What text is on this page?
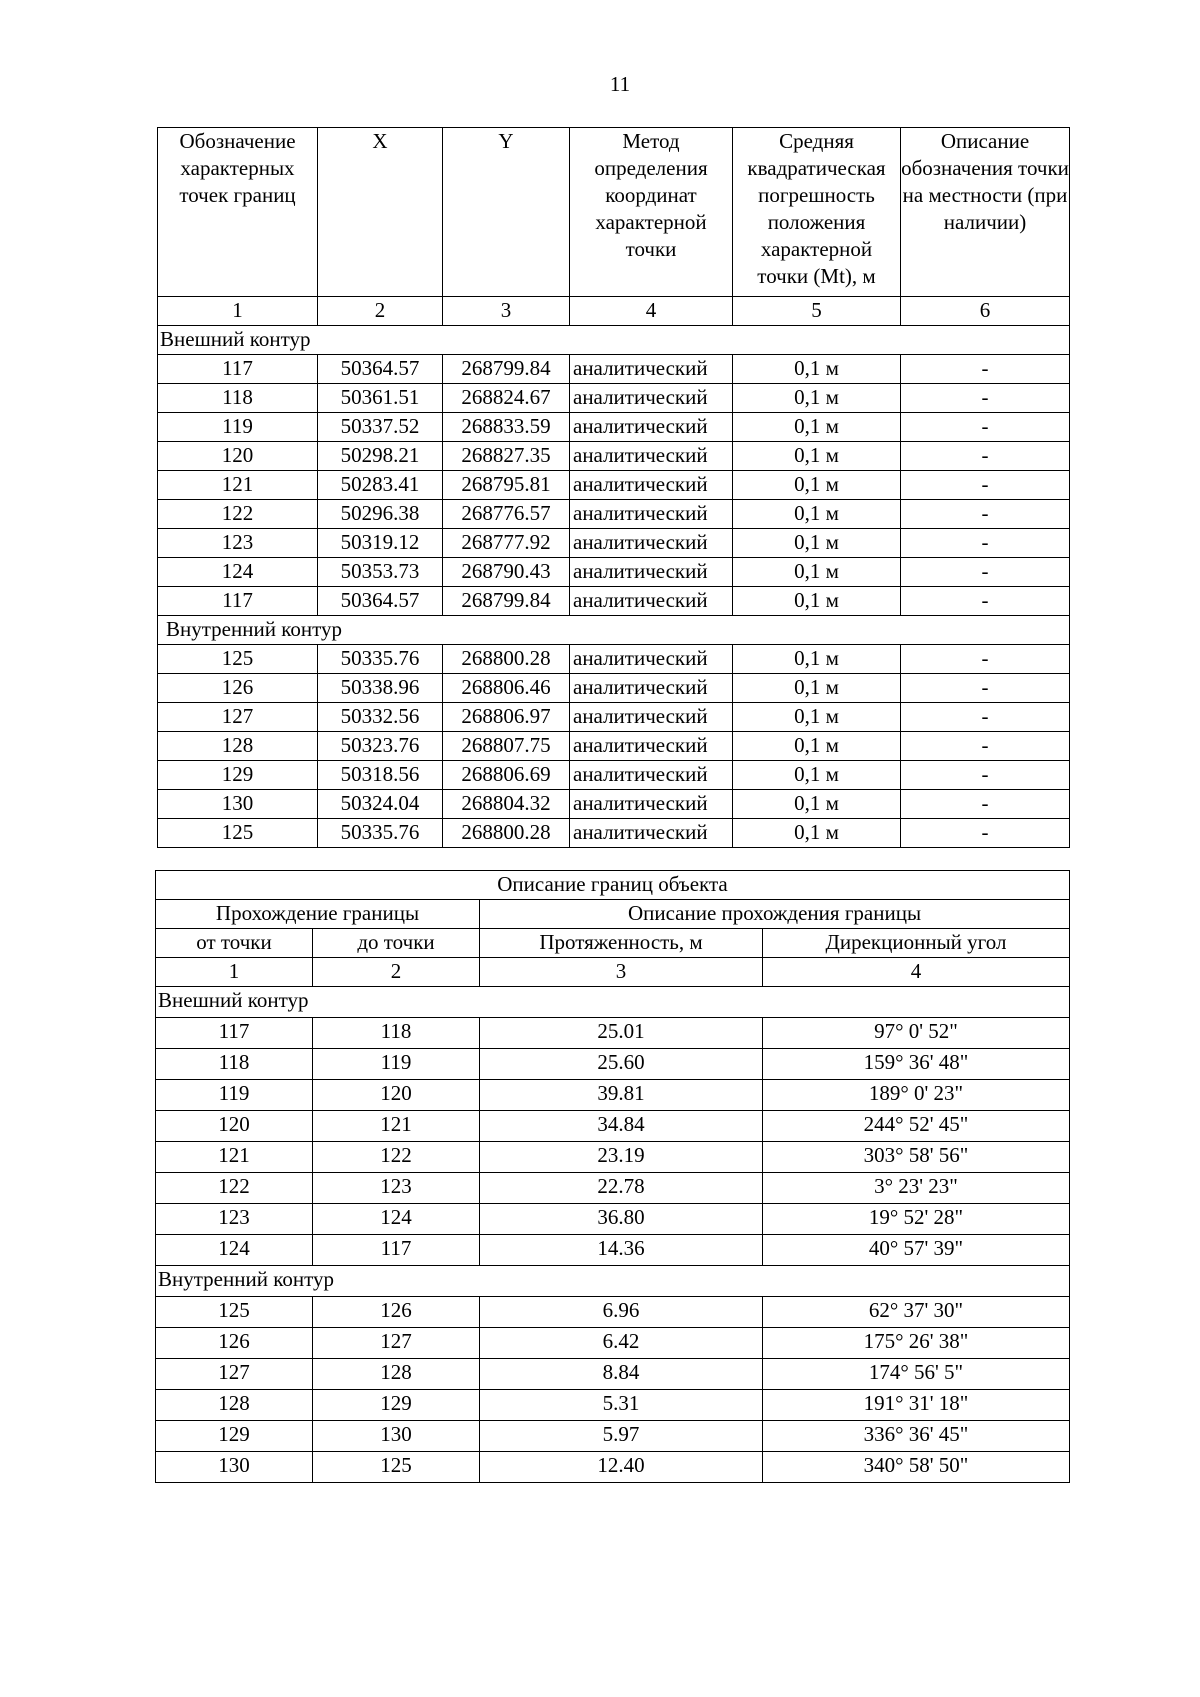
11
Обозначение характерных точек границ	X	Y	Метод определения координат характерной точки	Средняя квадратическая погрешность положения характерной точки (Mt), м	Описание обозначения точки на местности (при наличии)
1	2	3	4	5	6
Внешний контур					
117	50364.57	268799.84	аналитический	0,1 м	-
118	50361.51	268824.67	аналитический	0,1 м	-
119	50337.52	268833.59	аналитический	0,1 м	-
120	50298.21	268827.35	аналитический	0,1 м	-
121	50283.41	268795.81	аналитический	0,1 м	-
122	50296.38	268776.57	аналитический	0,1 м	-
123	50319.12	268777.92	аналитический	0,1 м	-
124	50353.73	268790.43	аналитический	0,1 м	-
117	50364.57	268799.84	аналитический	0,1 м	-
Внутренний контур					
125	50335.76	268800.28	аналитический	0,1 м	-
126	50338.96	268806.46	аналитический	0,1 м	-
127	50332.56	268806.97	аналитический	0,1 м	-
128	50323.76	268807.75	аналитический	0,1 м	-
129	50318.56	268806.69	аналитический	0,1 м	-
130	50324.04	268804.32	аналитический	0,1 м	-
125	50335.76	268800.28	аналитический	0,1 м	-
Описание границ объекта			
Прохождение границы		Описание прохождения границы	
от точки	до точки	Протяженность, м	Дирекционный угол
1	2	3	4
Внешний контур			
117	118	25.01	97° 0' 52"
118	119	25.60	159° 36' 48"
119	120	39.81	189° 0' 23"
120	121	34.84	244° 52' 45"
121	122	23.19	303° 58' 56"
122	123	22.78	3° 23' 23"
123	124	36.80	19° 52' 28"
124	117	14.36	40° 57' 39"
Внутренний контур			
125	126	6.96	62° 37' 30"
126	127	6.42	175° 26' 38"
127	128	8.84	174° 56' 5"
128	129	5.31	191° 31' 18"
129	130	5.97	336° 36' 45"
130	125	12.40	340° 58' 50"
